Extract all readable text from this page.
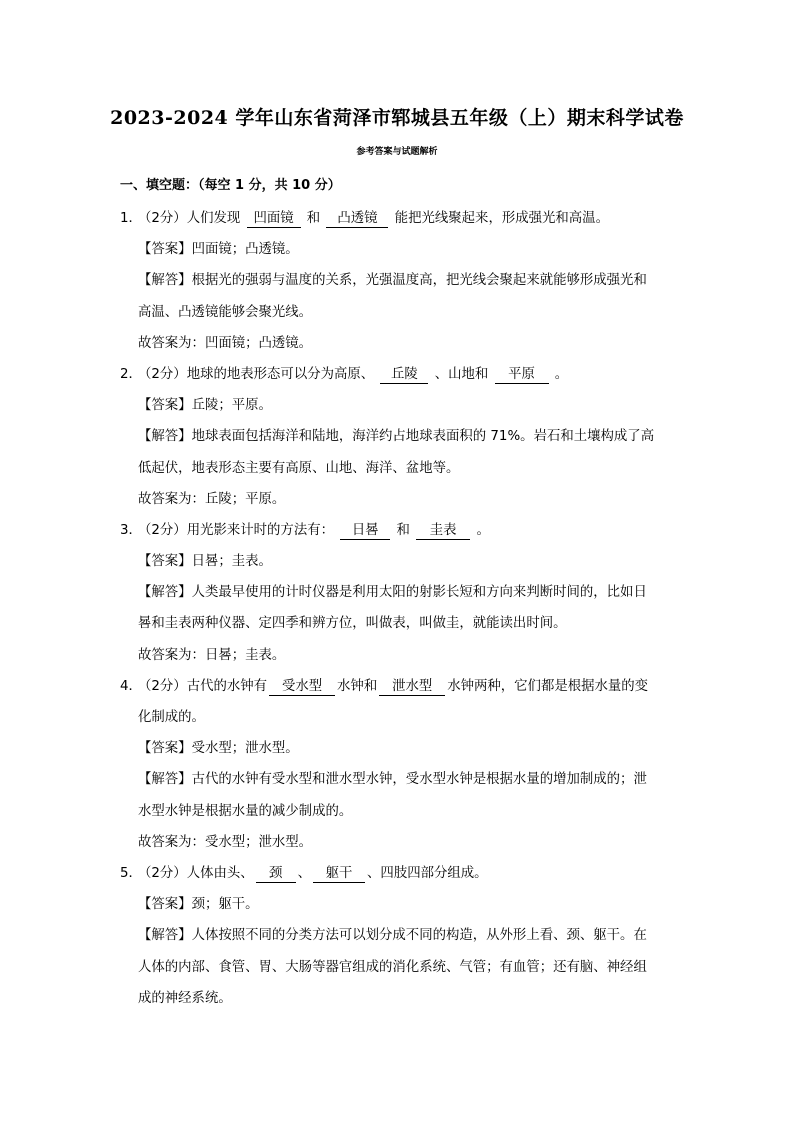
2023-2024 学年山东省菏泽市郓城县五年级（上）期末科学试卷
参考答案与试题解析
一、填空题：（每空 1 分，共 10 分）
1．（2分）人们发现 凹面镜 和 凸透镜 能把光线聚起来，形成强光和高温。
【答案】凹面镜；凸透镜。
【解答】根据光的强弱与温度的关系，光强温度高，把光线会聚起来就能够形成强光和
高温、凸透镜能够会聚光线。
故答案为：凹面镜；凸透镜。
2．（2分）地球的地表形态可以分为高原、 丘陵 、山地和 平原 。
【答案】丘陵；平原。
【解答】地球表面包括海洋和陆地，海洋约占地球表面积的 71%。岩石和土壤构成了高
低起伏，地表形态主要有高原、山地、海洋、盆地等。
故答案为：丘陵；平原。
3．（2分）用光影来计时的方法有： 日晷 和 圭表 。
【答案】日晷；圭表。
【解答】人类最早使用的计时仪器是利用太阳的射影长短和方向来判断时间的，比如日
晷和圭表两种仪器、定四季和辨方位，叫做表，叫做圭，就能读出时间。
故答案为：日晷；圭表。
4．（2分）古代的水钟有 受水型 水钟和 泄水型 水钟两种，它们都是根据水量的变
化制成的。
【答案】受水型；泄水型。
【解答】古代的水钟有受水型和泄水型水钟，受水型水钟是根据水量的增加制成的；泄
水型水钟是根据水量的减少制成的。
故答案为：受水型；泄水型。
5．（2分）人体由头、 颈 、 躯干 、四肢四部分组成。
【答案】颈；躯干。
【解答】人体按照不同的分类方法可以划分成不同的构造，从外形上看、颈、躯干。在
人体的内部、食管、胃、大肠等器官组成的消化系统、气管；有血管；还有脑、神经组
成的神经系统。
